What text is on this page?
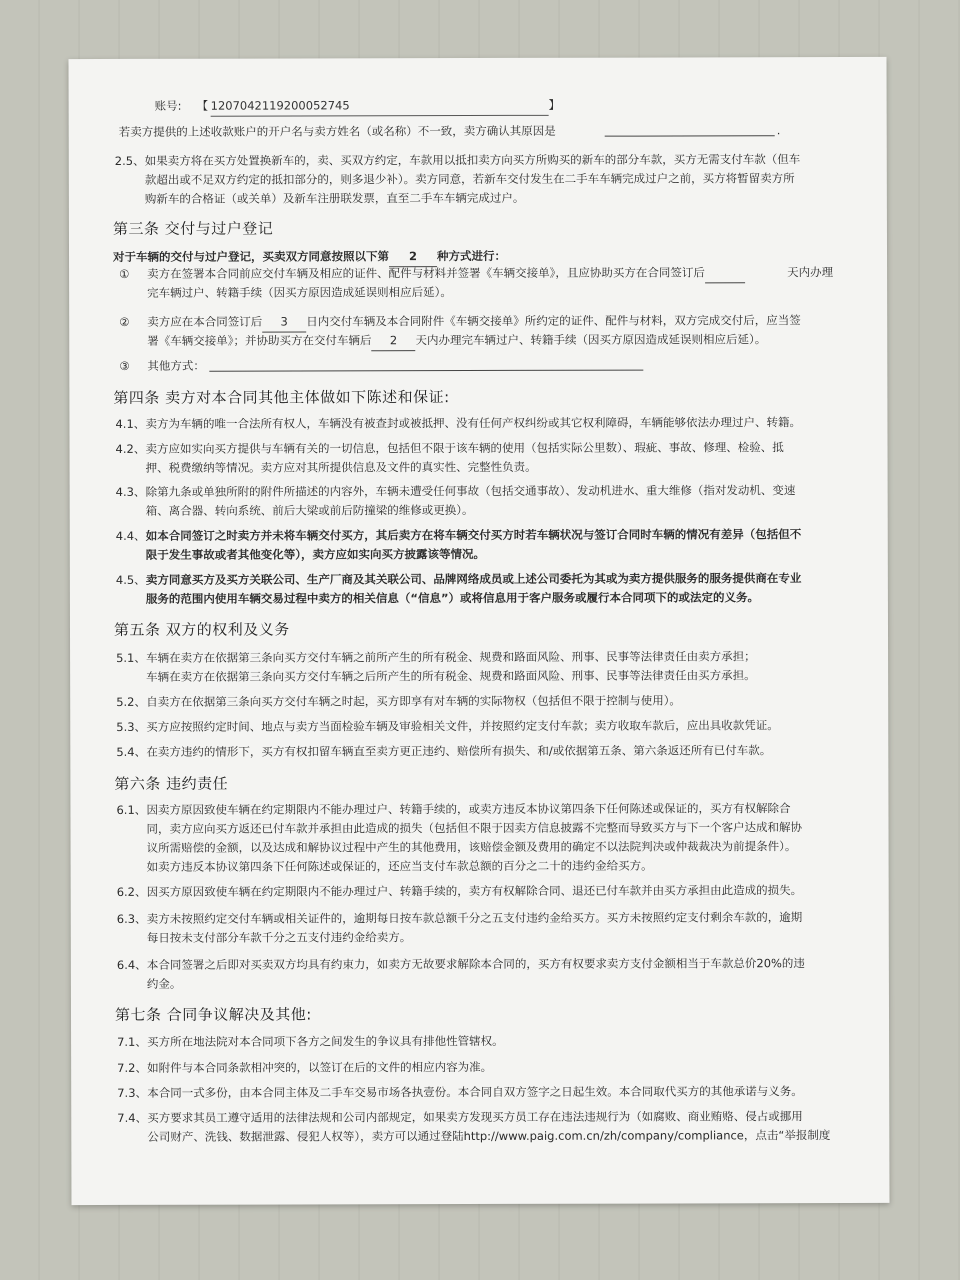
账号: 【 1207042119200052745	】
若卖方提供的上述收款账户的开户名与卖方姓名（或名称）不一致，卖方确认其原因是	.
2.5、 如果卖方将在买方处置换新车的，卖、买双方约定，车款用以抵扣卖方向买方所购买的新车的部分车款，买方无需支付车款（但车
款超出或不足双方约定的抵扣部分的，则多退少补）。卖方同意，若新车交付发生在二手车车辆完成过户之前，买方将暂留卖方所
购新车的合格证（或关单）及新车注册联发票，直至二手车车辆完成过户。
第三条 交付与过户登记
对于车辆的交付与过户登记，买卖双方同意按照以下第 2 种方式进行：
① 卖方在签署本合同前应交付车辆及相应的证件、配件与材料并签署《车辆交接单》，且应协助买方在合同签订后	天内办理
完车辆过户、转籍手续（因买方原因造成延误则相应后延）。
② 卖方应在本合同签订后 3 日内交付车辆及本合同附件《车辆交接单》所约定的证件、配件与材料，双方完成交付后，应当签
署《车辆交接单》；并协助买方在交付车辆后 2 天内办理完车辆过户、转籍手续（因买方原因造成延误则相应后延）。
③ 其他方式：
第四条 卖方对本合同其他主体做如下陈述和保证:
4.1、 卖方为车辆的唯一合法所有权人，车辆没有被查封或被抵押、没有任何产权纠纷或其它权利障碍，车辆能够依法办理过户、转籍。
4.2、 卖方应如实向买方提供与车辆有关的一切信息，包括但不限于该车辆的使用（包括实际公里数）、瑕疵、事故、修理、检验、抵
押、税费缴纳等情况。卖方应对其所提供信息及文件的真实性、完整性负责。
4.3、 除第九条或单独所附的附件所描述的内容外，车辆未遭受任何事故（包括交通事故）、发动机进水、重大维修（指对发动机、变速
箱、离合器、转向系统、前后大梁或前后防撞梁的维修或更换）。
4.4、 如本合同签订之时卖方并未将车辆交付买方，其后卖方在将车辆交付买方时若车辆状况与签订合同时车辆的情况有差异（包括但不
限于发生事故或者其他变化等），卖方应如实向买方披露该等情况。
4.5、 卖方同意买方及买方关联公司、生产厂商及其关联公司、品牌网络成员或上述公司委托为其或为卖方提供服务的服务提供商在专业
服务的范围内使用车辆交易过程中卖方的相关信息（“信息”）或将信息用于客户服务或履行本合同项下的或法定的义务。
第五条 双方的权利及义务
5.1、 车辆在卖方在依据第三条向买方交付车辆之前所产生的所有税金、规费和路面风险、刑事、民事等法律责任由卖方承担；
车辆在卖方在依据第三条向买方交付车辆之后所产生的所有税金、规费和路面风险、刑事、民事等法律责任由买方承担。
5.2、 自卖方在依据第三条向买方交付车辆之时起，买方即享有对车辆的实际物权（包括但不限于控制与使用）。
5.3、 买方应按照约定时间、地点与卖方当面检验车辆及审验相关文件，并按照约定支付车款；卖方收取车款后，应出具收款凭证。
5.4、 在卖方违约的情形下，买方有权扣留车辆直至卖方更正违约、赔偿所有损失、和/或依据第五条、第六条返还所有已付车款。
第六条 违约责任
6.1、 因卖方原因致使车辆在约定期限内不能办理过户、转籍手续的，或卖方违反本协议第四条下任何陈述或保证的，买方有权解除合
同，卖方应向买方返还已付车款并承担由此造成的损失（包括但不限于因卖方信息披露不完整而导致买方与下一个客户达成和解协
议所需赔偿的金额，以及达成和解协议过程中产生的其他费用，该赔偿金额及费用的确定不以法院判决或仲裁裁决为前提条件）。
如卖方违反本协议第四条下任何陈述或保证的，还应当支付车款总额的百分之二十的违约金给买方。
6.2、 因买方原因致使车辆在约定期限内不能办理过户、转籍手续的，卖方有权解除合同、退还已付车款并由买方承担由此造成的损失。
6.3、 卖方未按照约定交付车辆或相关证件的，逾期每日按车款总额千分之五支付违约金给买方。买方未按照约定支付剩余车款的，逾期
每日按未支付部分车款千分之五支付违约金给卖方。
6.4、 本合同签署之后即对买卖双方均具有约束力，如卖方无故要求解除本合同的，买方有权要求卖方支付金额相当于车款总价20%的违
约金。
第七条 合同争议解决及其他:
7.1、 买方所在地法院对本合同项下各方之间发生的争议具有排他性管辖权。
7.2、 如附件与本合同条款相冲突的，以签订在后的文件的相应内容为准。
7.3、 本合同一式多份，由本合同主体及二手车交易市场各执壹份。本合同自双方签字之日起生效。本合同取代买方的其他承诺与义务。
7.4、 买方要求其员工遵守适用的法律法规和公司内部规定，如果卖方发现买方员工存在违法违规行为（如腐败、商业贿赂、侵占或挪用
公司财产、洗钱、数据泄露、侵犯人权等），卖方可以通过登陆http://www.paig.com.cn/zh/company/compliance，点击“举报制度
